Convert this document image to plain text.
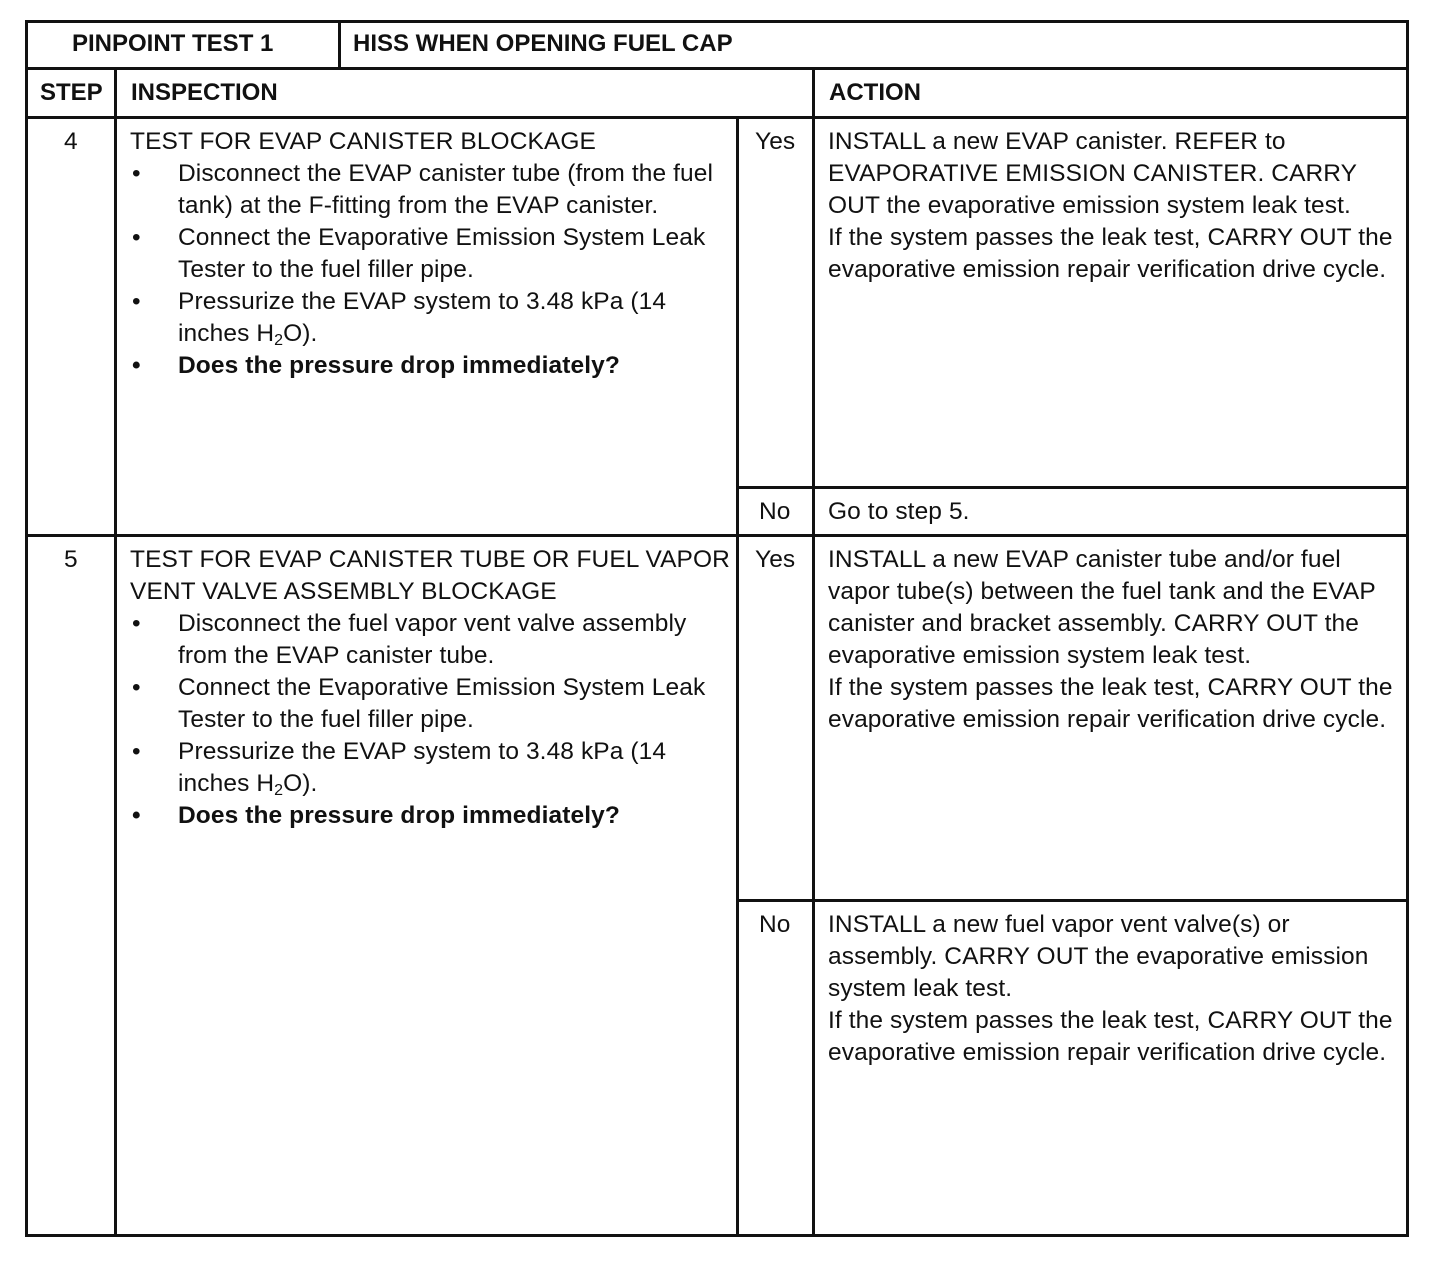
PINPOINT TEST 1	HISS WHEN OPENING FUEL CAP
STEP INSPECTION	ACTION
4 TEST FOR EVAP CANISTER BLOCKAGE
• Disconnect the EVAP canister tube (from the fuel tank) at the F-fitting from the EVAP canister.
• Connect the Evaporative Emission System Leak Tester to the fuel filler pipe.
• Pressurize the EVAP system to 3.48 kPa (14 inches $H_2O$).
• Does the pressure drop immediately?
Yes INSTALL a new EVAP canister. REFER to EVAPORATIVE EMISSION CANISTER. CARRY OUT the evaporative emission system leak test.
If the system passes the leak test, CARRY OUT the evaporative emission repair verification drive cycle.
No Go to step 5.
5 TEST FOR EVAP CANISTER TUBE OR FUEL VAPOR VENT VALVE ASSEMBLY BLOCKAGE
• Disconnect the fuel vapor vent valve assembly from the EVAP canister tube.
• Connect the Evaporative Emission System Leak Tester to the fuel filler pipe.
• Pressurize the EVAP system to 3.48 kPa (14 inches $H_2O$).
• Does the pressure drop immediately?
Yes INSTALL a new EVAP canister tube and/or fuel vapor tube(s) between the fuel tank and the EVAP canister and bracket assembly. CARRY OUT the evaporative emission system leak test.
If the system passes the leak test, CARRY OUT the evaporative emission repair verification drive cycle.
No INSTALL a new fuel vapor vent valve(s) or assembly. CARRY OUT the evaporative emission system leak test.
If the system passes the leak test, CARRY OUT the evaporative emission repair verification drive cycle.
